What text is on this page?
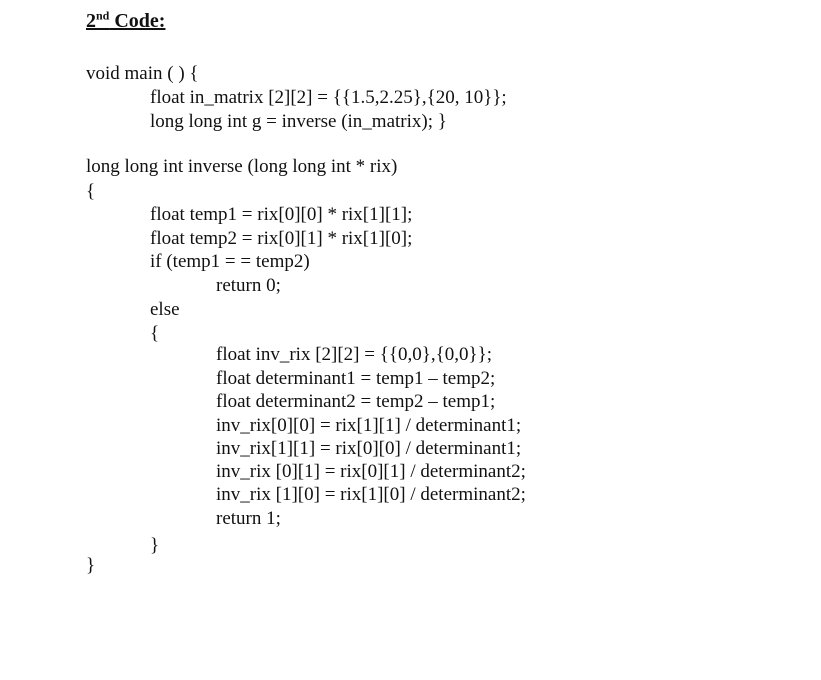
2nd Code:
void main ( ) {
float in_matrix [2][2] = {{1.5,2.25},{20, 10}};
long long int g = inverse (in_matrix); }
long long int inverse (long long int * rix)
{
float temp1 = rix[0][0] * rix[1][1];
float temp2 = rix[0][1] * rix[1][0];
if (temp1 = = temp2)
return 0;
else
{
float inv_rix [2][2] = {{0,0},{0,0}};
float determinant1 = temp1 – temp2;
float determinant2 = temp2 – temp1;
inv_rix[0][0] = rix[1][1] / determinant1;
inv_rix[1][1] = rix[0][0] / determinant1;
inv_rix [0][1] = rix[0][1] / determinant2;
inv_rix [1][0] = rix[1][0] / determinant2;
return 1;
}
}
